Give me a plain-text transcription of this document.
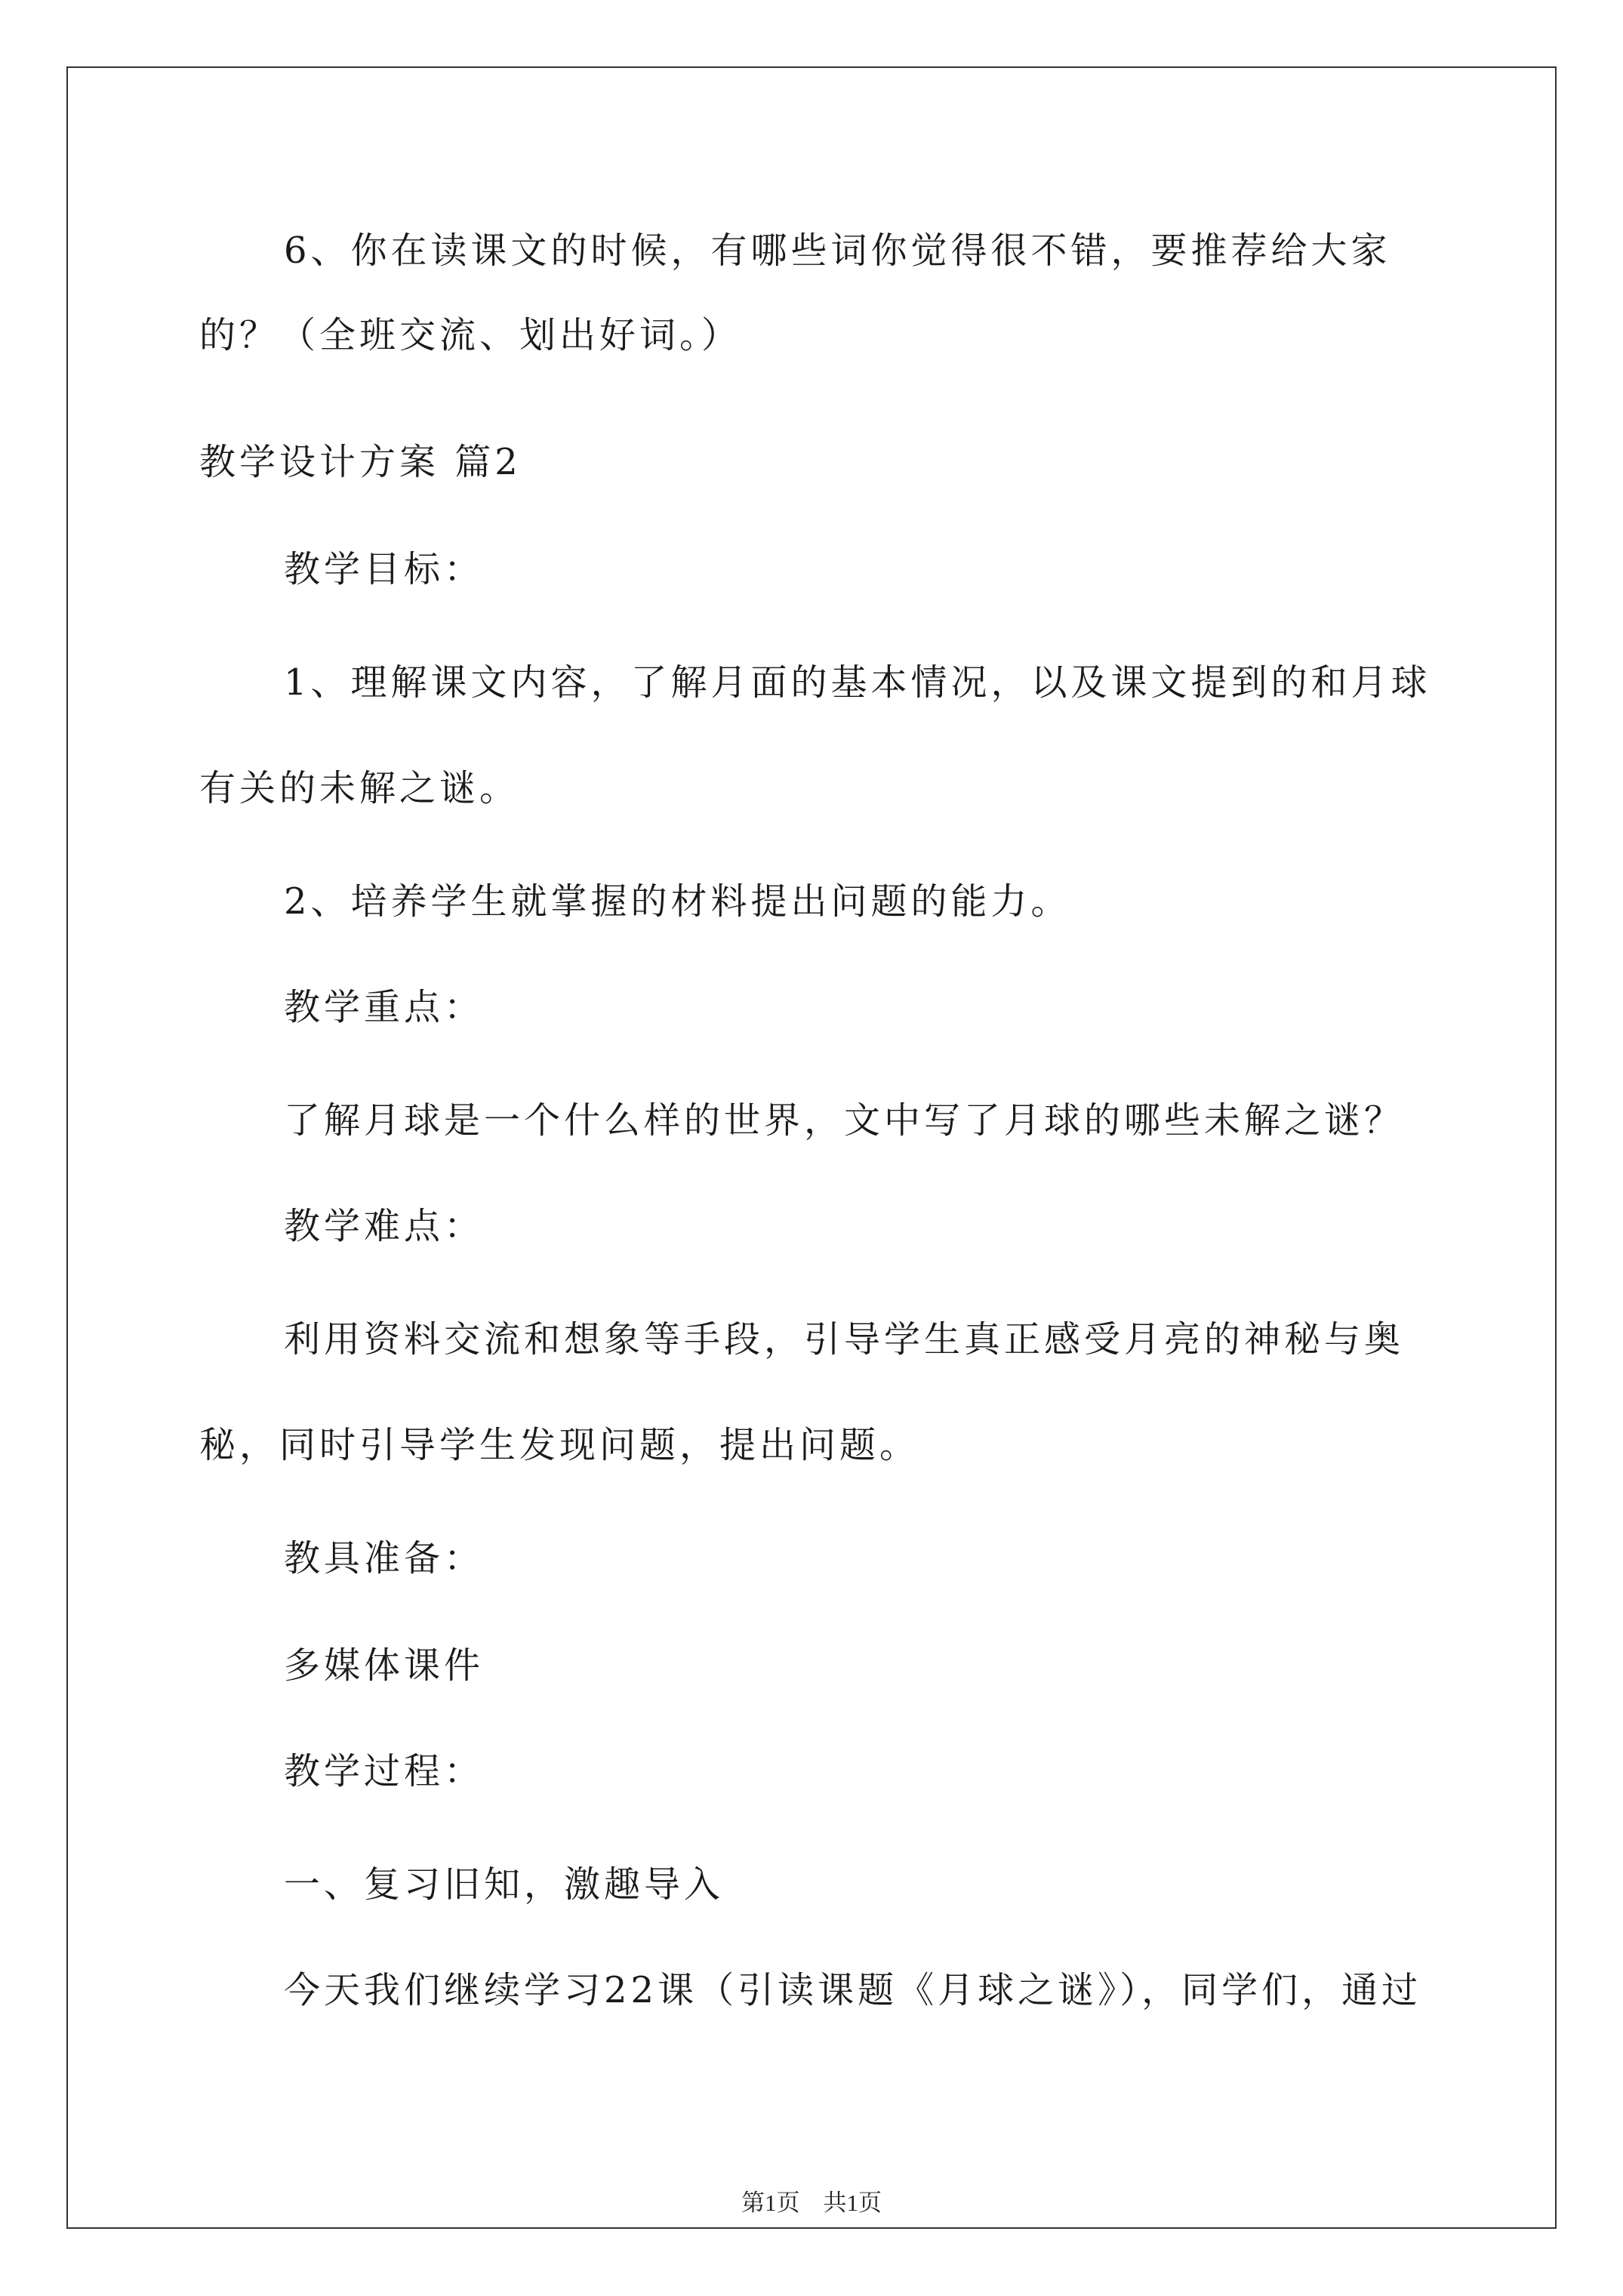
6、你在读课文的时候，有哪些词你觉得很不错，要推荐给大家
的？（全班交流、划出好词。）
教学设计方案 篇2
教学目标：
1、理解课文内容，了解月面的基本情况，以及课文提到的和月球
有关的未解之谜。
2、培养学生就掌握的材料提出问题的能力。
教学重点：
了解月球是一个什么样的世界，文中写了月球的哪些未解之谜？
教学难点：
利用资料交流和想象等手段，引导学生真正感受月亮的神秘与奥
秘，同时引导学生发现问题，提出问题。
教具准备：
多媒体课件
教学过程：
一、复习旧知，激趣导入
今天我们继续学习22课（引读课题《月球之谜》），同学们，通过
第1页　共1页
